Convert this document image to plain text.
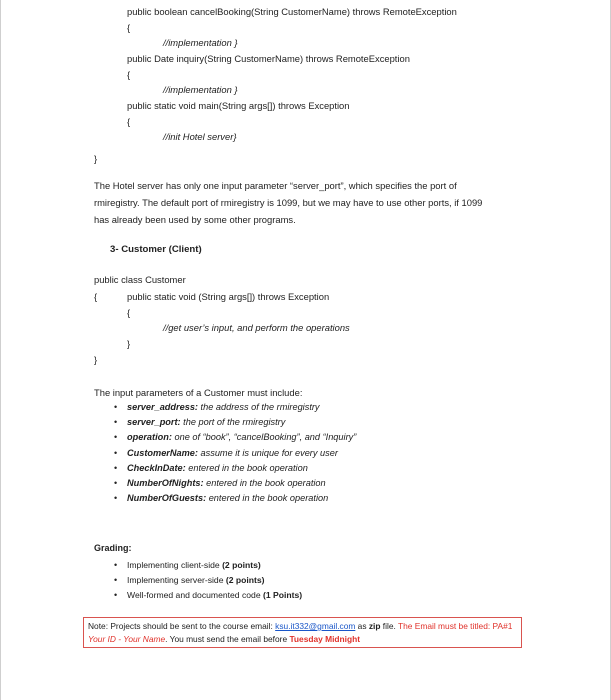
public boolean cancelBooking(String CustomerName) throws RemoteException
{
//implementation }
public Date inquiry(String CustomerName) throws RemoteException
{
//implementation }
public static void main(String args[]) throws Exception
{
//init Hotel server}
}
The Hotel server has only one input parameter “server_port”, which specifies the port of rmiregistry. The default port of rmiregistry is 1099, but we may have to use other ports, if 1099 has already been used by some other programs.
3- Customer (Client)
public class Customer
{	public static void (String args[]) throws Exception
{
//get user’s input, and perform the operations
}
}
The input parameters of a Customer must include:
• server_address: the address of the rmiregistry
• server_port: the port of the rmiregistry
• operation: one of “book”, “cancelBooking”, and “Inquiry”
• CustomerName: assume it is unique for every user
• CheckInDate: entered in the book operation
• NumberOfNights: entered in the book operation
• NumberOfGuests: entered in the book operation
Grading:
• Implementing client-side (2 points)
• Implementing server-side (2 points)
• Well-formed and documented code (1 Points)
Note: Projects should be sent to the course email: ksu.it332@gmail.com as zip file. The Email must be titled: PA#1 Your ID - Your Name. You must send the email before Tuesday Midnight
